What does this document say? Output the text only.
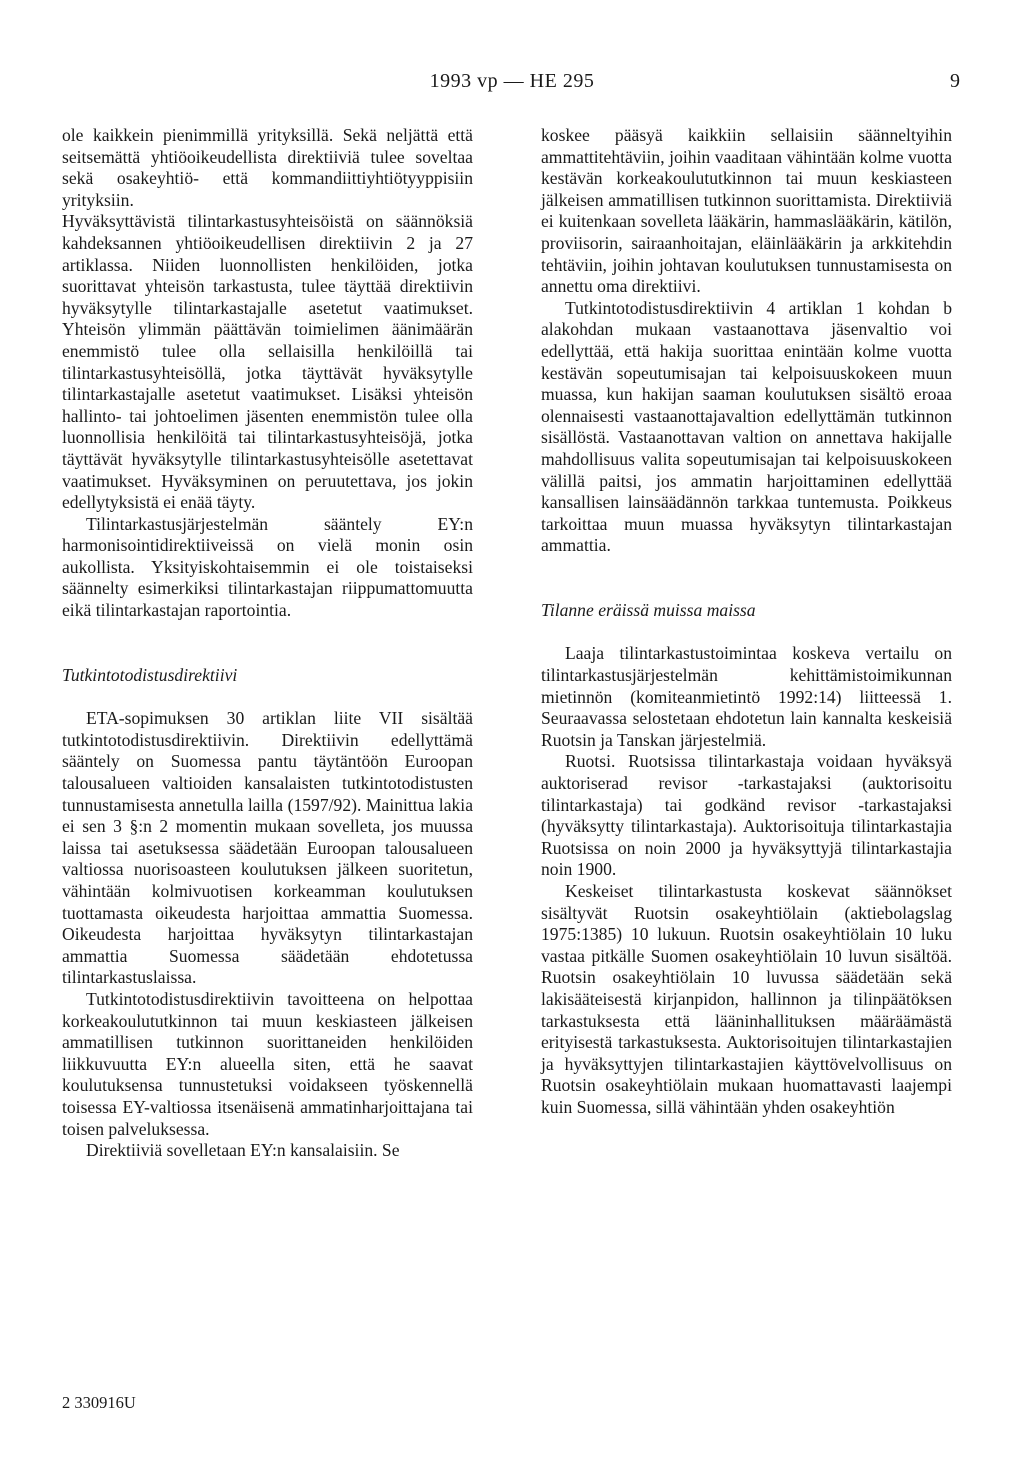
1993 vp — HE 295	9

ole kaikkein pienimmillä yrityksillä. Sekä neljättä että seitsemättä yhtiöoikeudellista direktiiviä tulee soveltaa sekä osakeyhtiö- että kommandiittiyhtiötyyppisiin yrityksiin.

Hyväksyttävistä tilintarkastusyhteisöistä on säännöksiä kahdeksannen yhtiöoikeudellisen direktiivin 2 ja 27 artiklassa. Niiden luonnollisten henkilöiden, jotka suorittavat yhteisön tarkastusta, tulee täyttää direktiivin hyväksytylle tilintarkastajalle asetetut vaatimukset. Yhteisön ylimmän päättävän toimielimen äänimäärän enemmistö tulee olla sellaisilla henkilöillä tai tilintarkastusyhteisöllä, jotka täyttävät hyväksytylle tilintarkastajalle asetetut vaatimukset. Lisäksi yhteisön hallinto- tai johtoelimen jäsenten enemmistön tulee olla luonnollisia henkilöitä tai tilintarkastusyhteisöjä, jotka täyttävät hyväksytylle tilintarkastusyhteisölle asetettavat vaatimukset. Hyväksyminen on peruutettava, jos jokin edellytyksistä ei enää täyty.

Tilintarkastusjärjestelmän sääntely EY:n harmonisointidirektiiveissä on vielä monin osin aukollista. Yksityiskohtaisemmin ei ole toistaiseksi säännelty esimerkiksi tilintarkastajan riippumattomuutta eikä tilintarkastajan raportointia.

Tutkintotodistusdirektiivi

ETA-sopimuksen 30 artiklan liite VII sisältää tutkintotodistusdirektiivin. Direktiivin edellyttämä sääntely on Suomessa pantu täytäntöön Euroopan talousalueen valtioiden kansalaisten tutkintotodistusten tunnustamisesta annetulla lailla (1597/92). Mainittua lakia ei sen 3 §:n 2 momentin mukaan sovelleta, jos muussa laissa tai asetuksessa säädetään Euroopan talousalueen valtiossa nuorisoasteen koulutuksen jälkeen suoritetun, vähintään kolmivuotisen korkeamman koulutuksen tuottamasta oikeudesta harjoittaa ammattia Suomessa. Oikeudesta harjoittaa hyväksytyn tilintarkastajan ammattia Suomessa säädetään ehdotetussa tilintarkastuslaissa.

Tutkintotodistusdirektiivin tavoitteena on helpottaa korkeakoulututkinnon tai muun keskiasteen jälkeisen ammatillisen tutkinnon suorittaneiden henkilöiden liikkuvuutta EY:n alueella siten, että he saavat koulutuksensa tunnustetuksi voidakseen työskennellä toisessa EY-valtiossa itsenäisenä ammatinharjoittajana tai toisen palveluksessa.

Direktiiviä sovelletaan EY:n kansalaisiin. Se

koskee pääsyä kaikkiin sellaisiin säänneltyihin ammattitehtäviin, joihin vaaditaan vähintään kolme vuotta kestävän korkeakoulututkinnon tai muun keskiasteen jälkeisen ammatillisen tutkinnon suorittamista. Direktiiviä ei kuitenkaan sovelleta lääkärin, hammaslääkärin, kätilön, proviisorin, sairaanhoitajan, eläinlääkärin ja arkkitehdin tehtäviin, joihin johtavan koulutuksen tunnustamisesta on annettu oma direktiivi.

Tutkintotodistusdirektiivin 4 artiklan 1 kohdan b alakohdan mukaan vastaanottava jäsenvaltio voi edellyttää, että hakija suorittaa enintään kolme vuotta kestävän sopeutumisajan tai kelpoisuuskokeen muun muassa, kun hakijan saaman koulutuksen sisältö eroaa olennaisesti vastaanottajavaltion edellyttämän tutkinnon sisällöstä. Vastaanottavan valtion on annettava hakijalle mahdollisuus valita sopeutumisajan tai kelpoisuuskokeen välillä paitsi, jos ammatin harjoittaminen edellyttää kansallisen lainsäädännön tarkkaa tuntemusta. Poikkeus tarkoittaa muun muassa hyväksytyn tilintarkastajan ammattia.

Tilanne eräissä muissa maissa

Laaja tilintarkastustoimintaa koskeva vertailu on tilintarkastusjärjestelmän kehittämistoimikunnan mietinnön (komiteanmietintö 1992:14) liitteessä 1. Seuraavassa selostetaan ehdotetun lain kannalta keskeisiä Ruotsin ja Tanskan järjestelmiä.

Ruotsi. Ruotsissa tilintarkastaja voidaan hyväksyä auktoriserad revisor -tarkastajaksi (auktorisoitu tilintarkastaja) tai godkänd revisor -tarkastajaksi (hyväksytty tilintarkastaja). Auktorisoituja tilintarkastajia Ruotsissa on noin 2000 ja hyväksyttyjä tilintarkastajia noin 1900.

Keskeiset tilintarkastusta koskevat säännökset sisältyvät Ruotsin osakeyhtiölain (aktiebolagslag 1975:1385) 10 lukuun. Ruotsin osakeyhtiölain 10 luku vastaa pitkälle Suomen osakeyhtiölain 10 luvun sisältöä. Ruotsin osakeyhtiölain 10 luvussa säädetään sekä lakisääteisestä kirjanpidon, hallinnon ja tilinpäätöksen tarkastuksesta että lääninhallituksen määräämästä erityisestä tarkastuksesta. Auktorisoitujen tilintarkastajien ja hyväksyttyjen tilintarkastajien käyttövelvollisuus on Ruotsin osakeyhtiölain mukaan huomattavasti laajempi kuin Suomessa, sillä vähintään yhden osakeyhtiön

2 330916U
